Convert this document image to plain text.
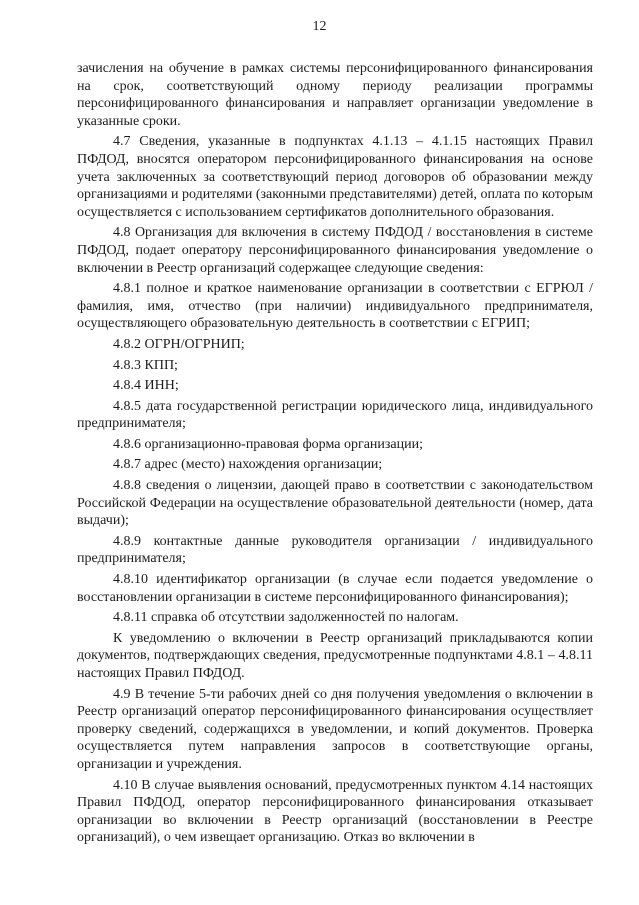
12

зачисления на обучение в рамках системы персонифицированного финансирования на срок, соответствующий одному периоду реализации программы персонифицированного финансирования и направляет организации уведомление в указанные сроки.

4.7 Сведения, указанные в подпунктах 4.1.13 – 4.1.15 настоящих Правил ПФДОД, вносятся оператором персонифицированного финансирования на основе учета заключенных за соответствующий период договоров об образовании между организациями и родителями (законными представителями) детей, оплата по которым осуществляется с использованием сертификатов дополнительного образования.

4.8 Организация для включения в систему ПФДОД / восстановления в системе ПФДОД, подает оператору персонифицированного финансирования уведомление о включении в Реестр организаций содержащее следующие сведения:

4.8.1 полное и краткое наименование организации в соответствии с ЕГРЮЛ / фамилия, имя, отчество (при наличии) индивидуального предпринимателя, осуществляющего образовательную деятельность в соответствии с ЕГРИП;

4.8.2 ОГРН/ОГРНИП;

4.8.3 КПП;

4.8.4 ИНН;

4.8.5 дата государственной регистрации юридического лица, индивидуального предпринимателя;

4.8.6 организационно-правовая форма организации;

4.8.7 адрес (место) нахождения организации;

4.8.8 сведения о лицензии, дающей право в соответствии с законодательством Российской Федерации на осуществление образовательной деятельности (номер, дата выдачи);

4.8.9 контактные данные руководителя организации / индивидуального предпринимателя;

4.8.10 идентификатор организации (в случае если подается уведомление о восстановлении организации в системе персонифицированного финансирования);

4.8.11 справка об отсутствии задолженностей по налогам.

К уведомлению о включении в Реестр организаций прикладываются копии документов, подтверждающих сведения, предусмотренные подпунктами 4.8.1 – 4.8.11 настоящих Правил ПФДОД.

4.9 В течение 5-ти рабочих дней со дня получения уведомления о включении в Реестр организаций оператор персонифицированного финансирования осуществляет проверку сведений, содержащихся в уведомлении, и копий документов. Проверка осуществляется путем направления запросов в соответствующие органы, организации и учреждения.

4.10 В случае выявления оснований, предусмотренных пунктом 4.14 настоящих Правил ПФДОД, оператор персонифицированного финансирования отказывает организации во включении в Реестр организаций (восстановлении в Реестре организаций), о чем извещает организацию. Отказ во включении в
